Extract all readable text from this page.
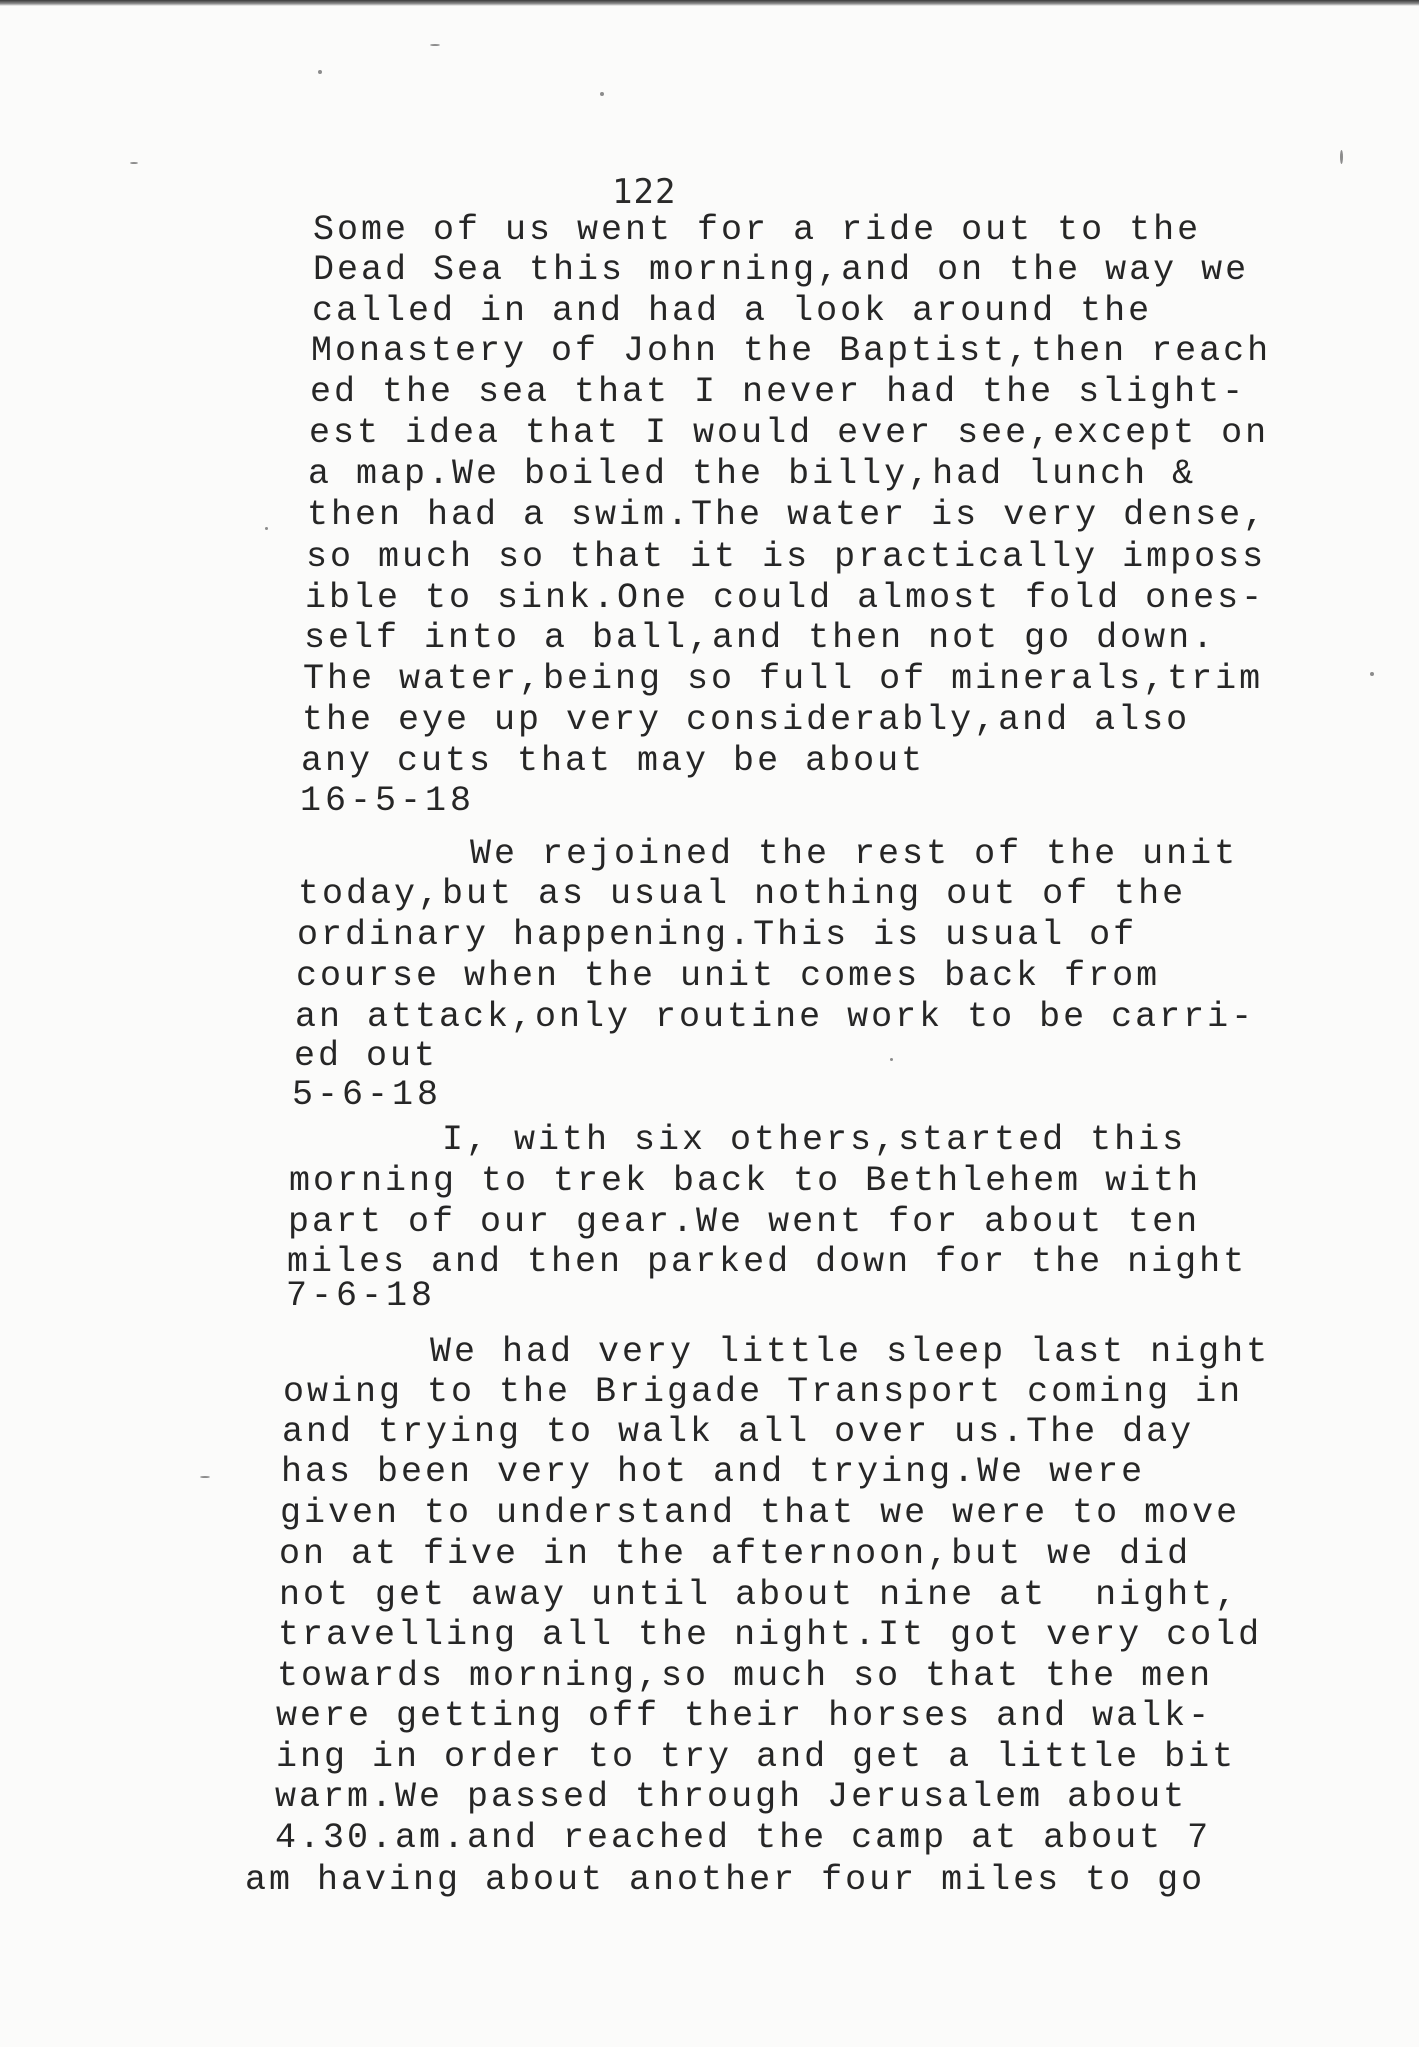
122
Some of us went for a ride out to the
Dead Sea this morning,and on the way we
called in and had a look around the
Monastery of John the Baptist,then reach
ed the sea that I never had the slight-
est idea that I would ever see,except on
a map.We boiled the billy,had lunch &
then had a swim.The water is very dense,
so much so that it is practically imposs
ible to sink.One could almost fold ones-
self into a ball,and then not go down.
The water,being so full of minerals,trim
the eye up very considerably,and also
any cuts that may be about
16-5-18
We rejoined the rest of the unit
today,but as usual nothing out of the
ordinary happening.This is usual of
course when the unit comes back from
an attack,only routine work to be carri-
ed out
5-6-18
I, with six others,started this
morning to trek back to Bethlehem with
part of our gear.We went for about ten
miles and then parked down for the night
7-6-18
We had very little sleep last night
owing to the Brigade Transport coming in
and trying to walk all over us.The day
has been very hot and trying.We were
given to understand that we were to move
on at five in the afternoon,but we did
not get away until about nine at  night,
travelling all the night.It got very cold
towards morning,so much so that the men
were getting off their horses and walk-
ing in order to try and get a little bit
warm.We passed through Jerusalem about
4.30.am.and reached the camp at about 7
am having about another four miles to go
